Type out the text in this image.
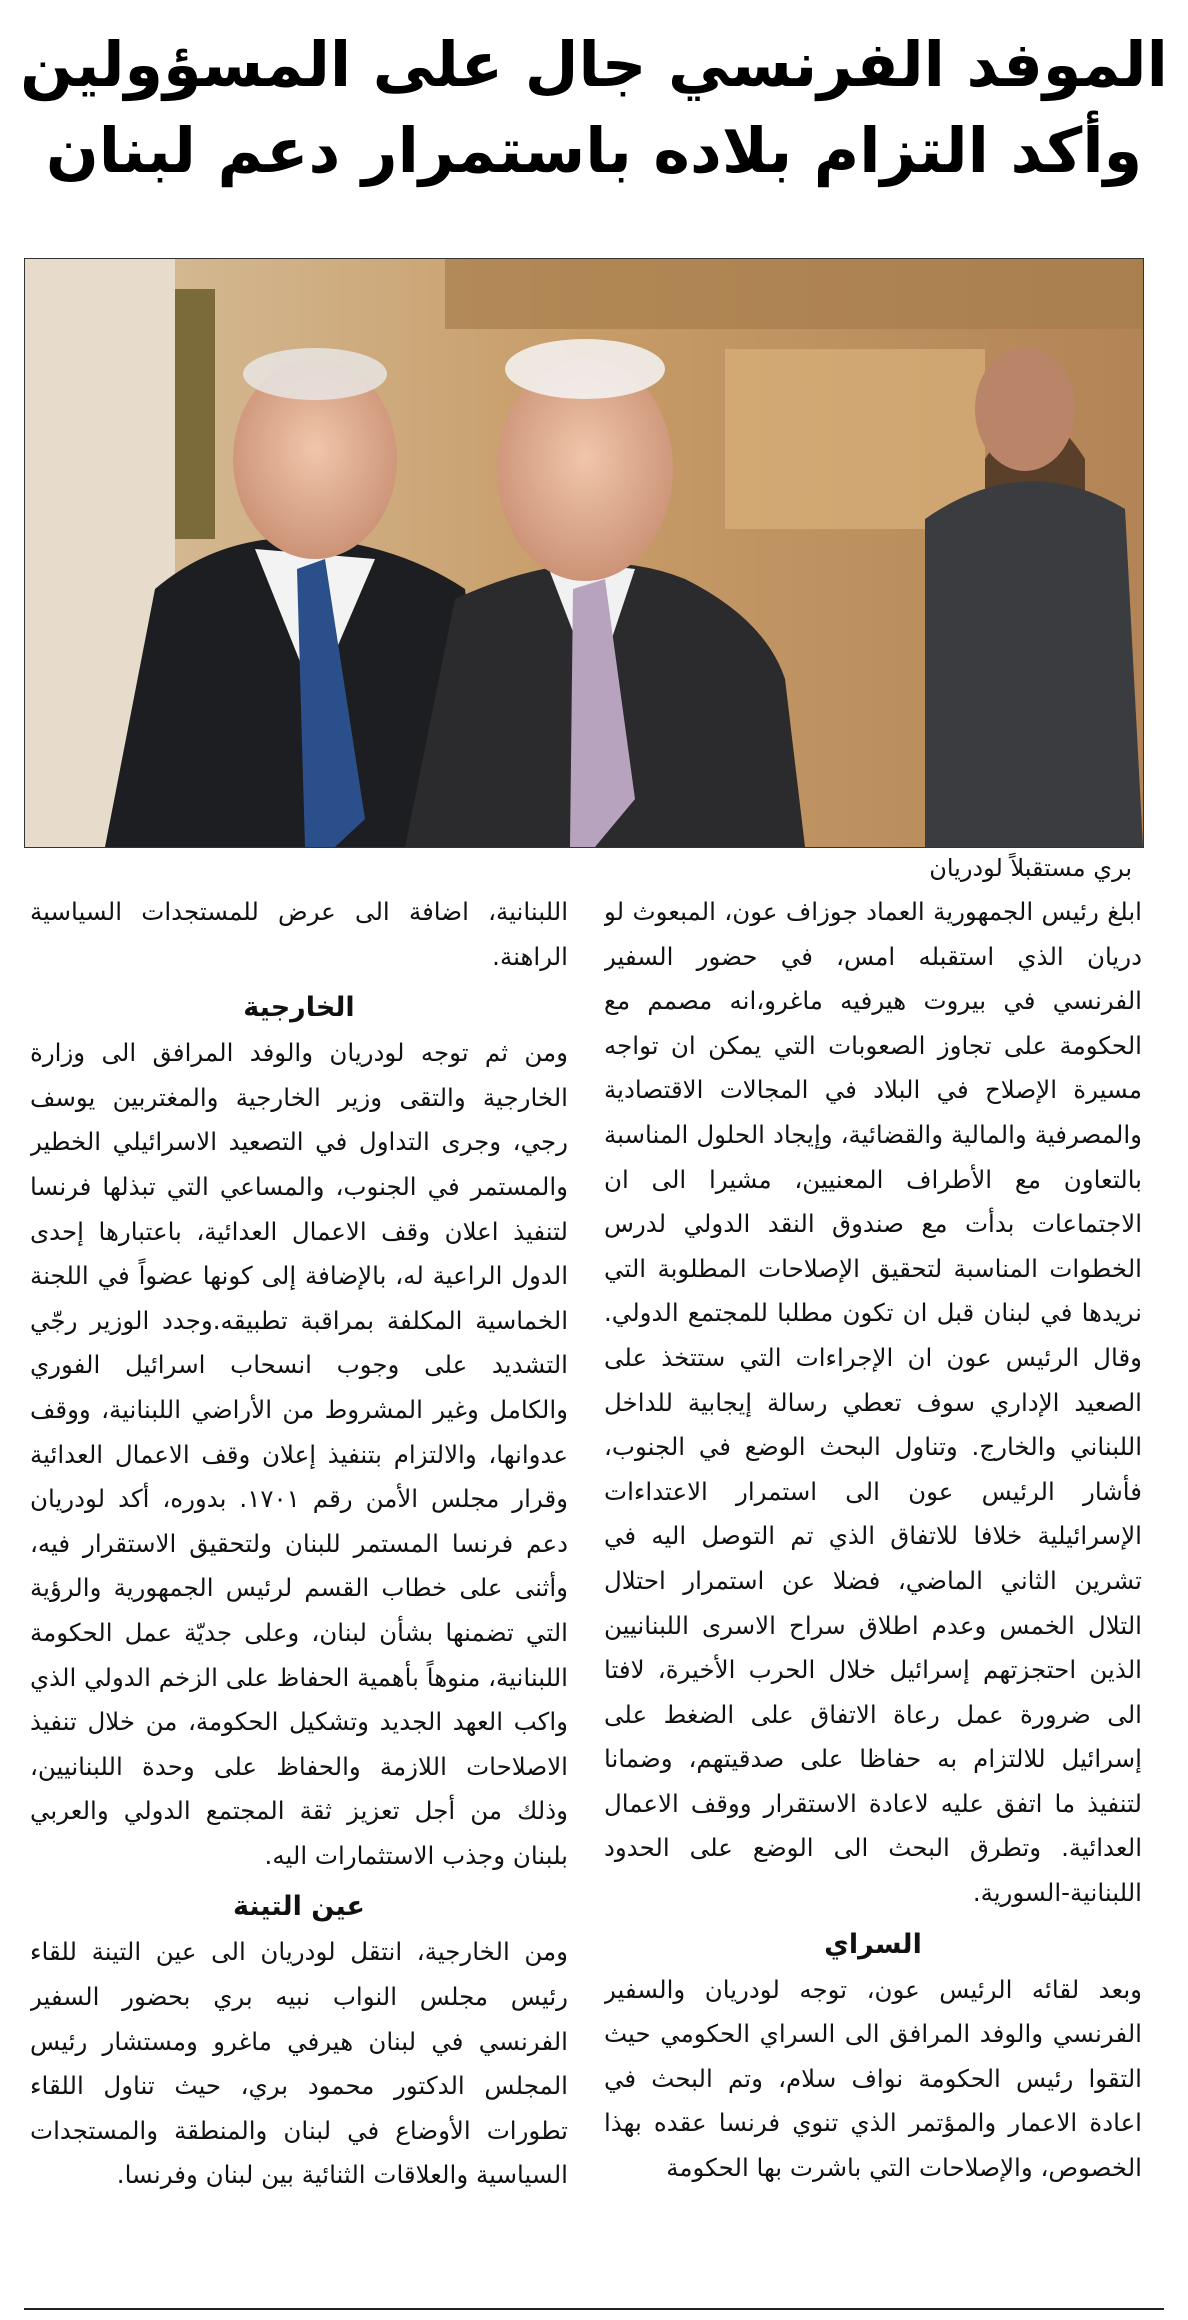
الموفد الفرنسي جال على المسؤولين
وأكد التزام بلاده باستمرار دعم لبنان
بري مستقبلاً لودريان

ابلغ رئيس الجمهورية العماد جوزاف عون، المبعوث لو دريان الذي استقبله امس، في حضور السفير الفرنسي في بيروت هيرفيه ماغرو،انه مصمم مع الحكومة على تجاوز الصعوبات التي يمكن ان تواجه مسيرة الإصلاح في البلاد في المجالات الاقتصادية والمصرفية والمالية والقضائية، وإيجاد الحلول المناسبة بالتعاون مع الأطراف المعنيين، مشيرا الى ان الاجتماعات بدأت مع صندوق النقد الدولي لدرس الخطوات المناسبة لتحقيق الإصلاحات المطلوبة التي نريدها في لبنان قبل ان تكون مطلبا للمجتمع الدولي. وقال الرئيس عون ان الإجراءات التي ستتخذ على الصعيد الإداري سوف تعطي رسالة إيجابية للداخل اللبناني والخارج. وتناول البحث الوضع في الجنوب، فأشار الرئيس عون الى استمرار الاعتداءات الإسرائيلية خلافا للاتفاق الذي تم التوصل اليه في تشرين الثاني الماضي، فضلا عن استمرار احتلال التلال الخمس وعدم اطلاق سراح الاسرى اللبنانيين الذين احتجزتهم إسرائيل خلال الحرب الأخيرة، لافتا الى ضرورة عمل رعاة الاتفاق على الضغط على إسرائيل للالتزام به حفاظا على صدقيتهم، وضمانا لتنفيذ ما اتفق عليه لاعادة الاستقرار ووقف الاعمال العدائية. وتطرق البحث الى الوضع على الحدود اللبنانية-السورية.

السراي

وبعد لقائه الرئيس عون، توجه لودريان والسفير الفرنسي والوفد المرافق الى السراي الحكومي حيث التقوا رئيس الحكومة نواف سلام، وتم البحث في اعادة الاعمار والمؤتمر الذي تنوي فرنسا عقده بهذا الخصوص، والإصلاحات التي باشرت بها الحكومة

اللبنانية، اضافة الى عرض للمستجدات السياسية الراهنة.

الخارجية

ومن ثم توجه لودريان والوفد المرافق الى وزارة الخارجية والتقى وزير الخارجية والمغتربين يوسف رجي، وجرى التداول في التصعيد الاسرائيلي الخطير والمستمر في الجنوب، والمساعي التي تبذلها فرنسا لتنفيذ اعلان وقف الاعمال العدائية، باعتبارها إحدى الدول الراعية له، بالإضافة إلى كونها عضواً في اللجنة الخماسية المكلفة بمراقبة تطبيقه.وجدد الوزير رجّي التشديد على وجوب انسحاب اسرائيل الفوري والكامل وغير المشروط من الأراضي اللبنانية، ووقف عدوانها، والالتزام بتنفيذ إعلان وقف الاعمال العدائية وقرار مجلس الأمن رقم ١٧٠١. بدوره، أكد لودريان دعم فرنسا المستمر للبنان ولتحقيق الاستقرار فيه، وأثنى على خطاب القسم لرئيس الجمهورية والرؤية التي تضمنها بشأن لبنان، وعلى جديّة عمل الحكومة اللبنانية، منوهاً بأهمية الحفاظ على الزخم الدولي الذي واكب العهد الجديد وتشكيل الحكومة، من خلال تنفيذ الاصلاحات اللازمة والحفاظ على وحدة اللبنانيين، وذلك من أجل تعزيز ثقة المجتمع الدولي والعربي بلبنان وجذب الاستثمارات اليه.

عين التينة

ومن الخارجية، انتقل لودريان الى عين التينة للقاء رئيس مجلس النواب نبيه بري بحضور السفير الفرنسي في لبنان هيرفي ماغرو ومستشار رئيس المجلس الدكتور محمود بري، حيث تناول اللقاء تطورات الأوضاع في لبنان والمنطقة والمستجدات السياسية والعلاقات الثنائية بين لبنان وفرنسا.
